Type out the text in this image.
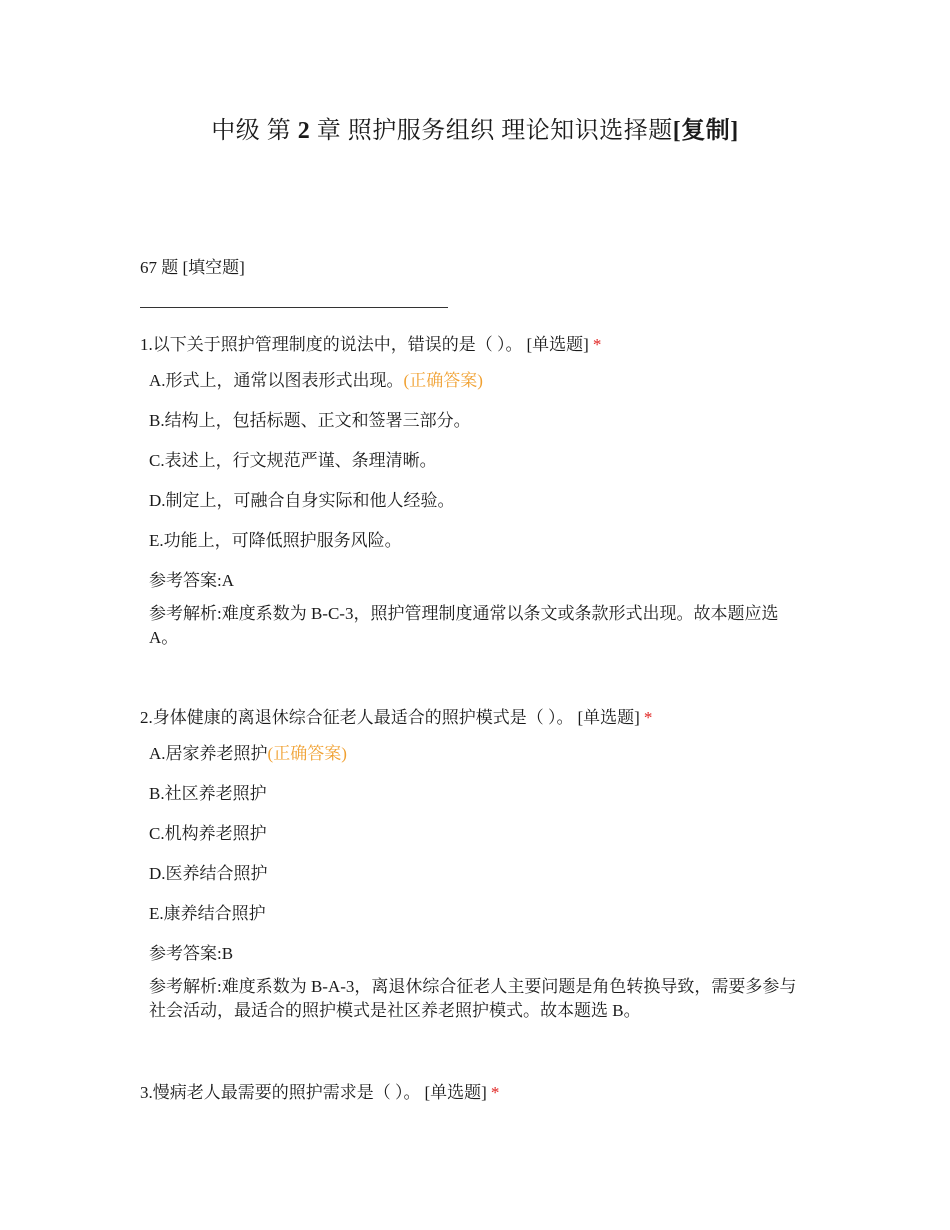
中级 第 2 章 照护服务组织 理论知识选择题[复制]
67 题 [填空题]
1.以下关于照护管理制度的说法中，错误的是（ ）。 [单选题] *
A.形式上，通常以图表形式出现。(正确答案)
B.结构上，包括标题、正文和签署三部分。
C.表述上，行文规范严谨、条理清晰。
D.制定上，可融合自身实际和他人经验。
E.功能上，可降低照护服务风险。
参考答案:A
参考解析:难度系数为 B-C-3，照护管理制度通常以条文或条款形式出现。故本题应选 A。
2.身体健康的离退休综合征老人最适合的照护模式是（ ）。 [单选题] *
A.居家养老照护(正确答案)
B.社区养老照护
C.机构养老照护
D.医养结合照护
E.康养结合照护
参考答案:B
参考解析:难度系数为 B-A-3，离退休综合征老人主要问题是角色转换导致，需要多参与社会活动，最适合的照护模式是社区养老照护模式。故本题选 B。
3.慢病老人最需要的照护需求是（ ）。 [单选题] *
